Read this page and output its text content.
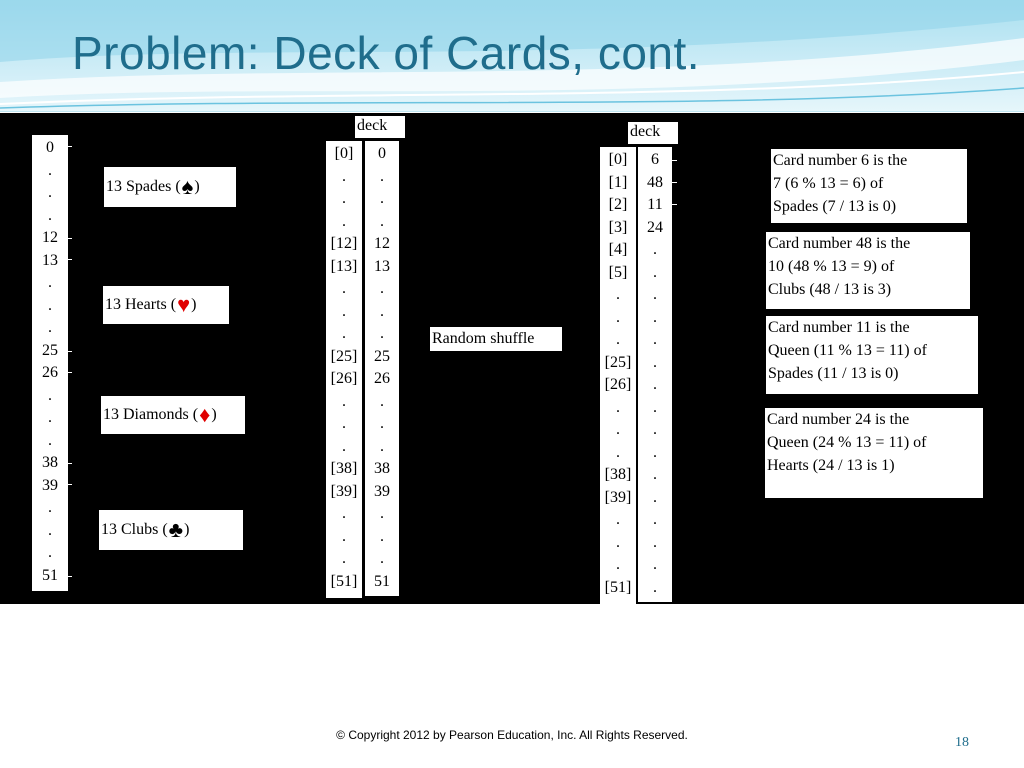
Problem: Deck of Cards, cont.
0
.
.
.
12
13
.
.
.
25
26
.
.
.
38
39
.
.
.
51
13 Spades ( ♠ )
13 Hearts ( ♥ )
13 Diamonds ( ♦ )
13 Clubs ( ♣ )
deck
[0]
.
.
.
[12]
[13]
.
.
.
[25]
[26]
.
.
.
[38]
[39]
.
.
.
[51]
0
.
.
.
12
13
.
.
.
25
26
.
.
.
38
39
.
.
.
51
Random shuffle
deck
[0]
[1]
[2]
[3]
[4]
[5]
.
.
.
[25]
[26]
.
.
.
[38]
[39]
.
.
.
[51]
6
48
11
24
.
.
.
.
.
.
.
.
.
.
.
.
.
.
.
.
Card number 6 is the
7 (6 % 13 = 6) of
Spades (7 / 13 is 0)
Card number 48 is the
10 (48 % 13 = 9) of
Clubs (48 / 13 is 3)
Card number 11 is the
Queen (11 % 13 = 11) of
Spades (11 / 13 is 0)
Card number 24 is the
Queen (24 % 13 = 11) of
Hearts (24 / 13 is 1)
© Copyright 2012 by Pearson Education, Inc. All Rights Reserved.	18
